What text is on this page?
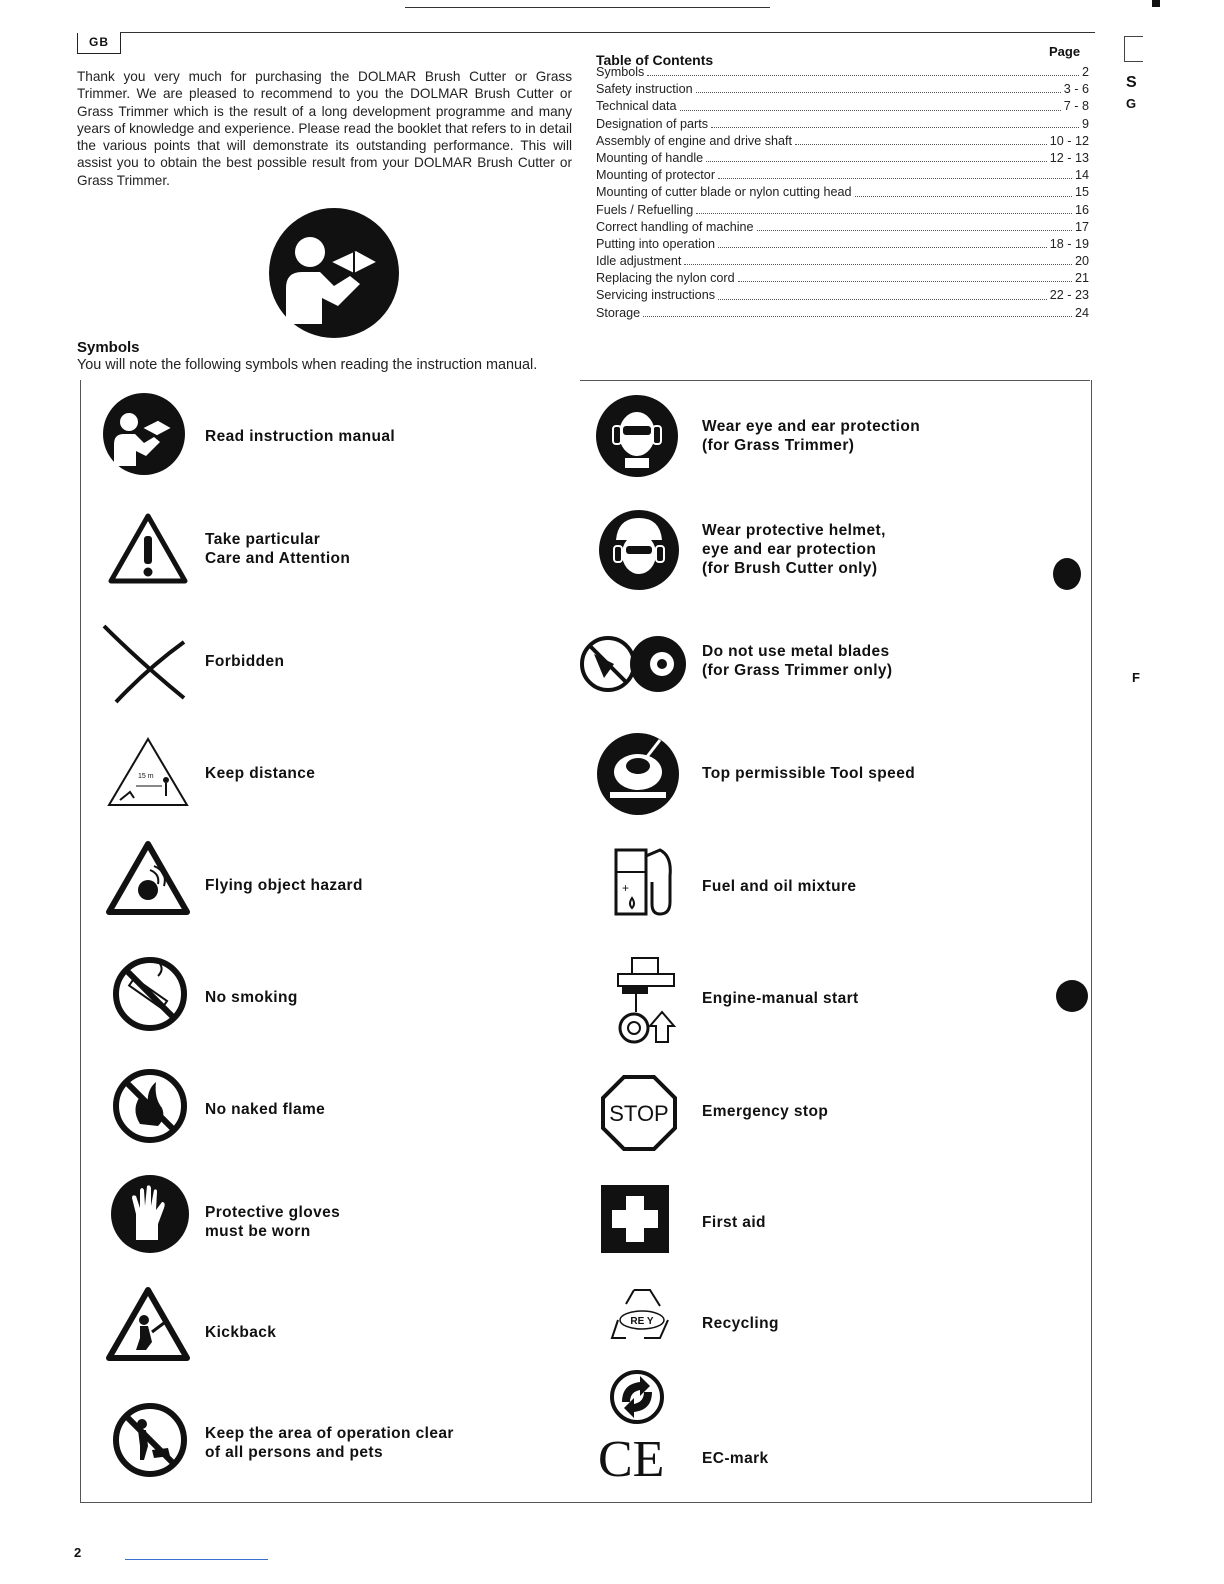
GB
Thank you very much for purchasing the DOLMAR Brush Cutter or Grass Trimmer. We are pleased to recommend to you the DOLMAR Brush Cutter or Grass Trimmer which is the result of a long development programme and many years of knowledge and experience. Please read the booklet that refers to in detail the various points that will demonstrate its outstanding performance. This will assist you to obtain the best possible result from your DOLMAR Brush Cutter or Grass Trimmer.
Table of Contents
Page
Symbols	2
Safety instruction	3 - 6
Technical data	7 - 8
Designation of parts	9
Assembly of engine and drive shaft	10 - 12
Mounting of handle	12 - 13
Mounting of protector	14
Mounting of cutter blade or nylon cutting head	15
Fuels / Refuelling	16
Correct handling of machine	17
Putting into operation	18 - 19
Idle adjustment	20
Replacing the nylon cord	21
Servicing instructions	22 - 23
Storage	24
Symbols
You will note the following symbols when reading the instruction manual.
Read instruction manual
Take particular
Care and Attention
Forbidden
15 m	Keep distance
Flying object hazard
No smoking
No naked flame
Protective gloves
must be worn
Kickback
Keep the area of operation clear
of all persons and pets
Wear eye and ear protection
(for Grass Trimmer)
Wear protective helmet,
eye and ear protection
(for Brush Cutter only)
Do not use metal blades
(for Grass Trimmer only)
Top permissible Tool speed
+	Fuel and oil mixture
Engine-manual start
STOP Emergency stop
First aid
RE Y	Recycling
CE EC-mark
S
G
F
2
